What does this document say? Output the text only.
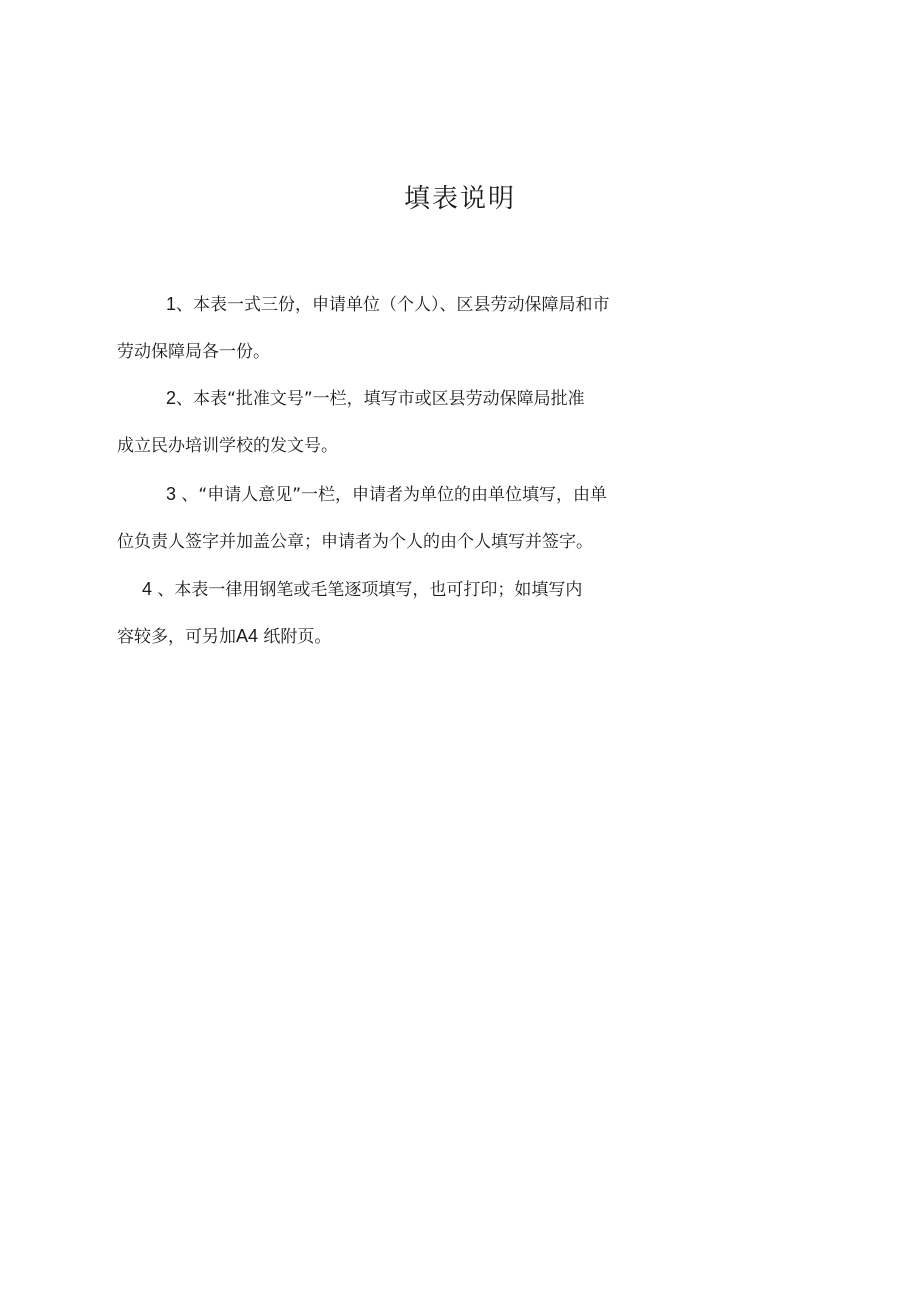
填表说明
1、本表一式三份，申请单位（个人）、区县劳动保障局和市
劳动保障局各一份。
2、本表“批准文号”一栏，填写市或区县劳动保障局批准
成立民办培训学校的发文号。
3 、“申请人意见”一栏，申请者为单位的由单位填写，由单
位负责人签字并加盖公章；申请者为个人的由个人填写并签字。
4 、本表一律用钢笔或毛笔逐项填写，也可打印；如填写内
容较多，可另加A4 纸附页。
